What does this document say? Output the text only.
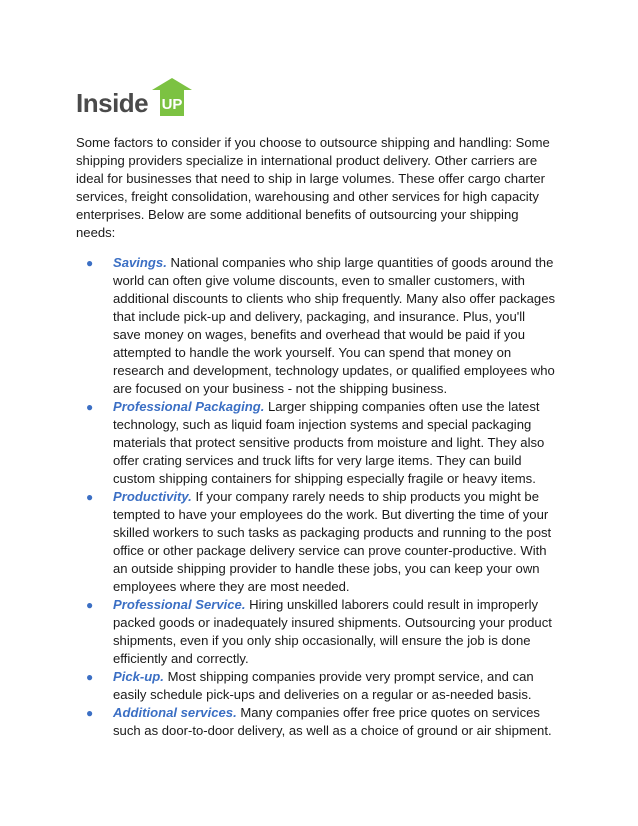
Inside UP

Some factors to consider if you choose to outsource shipping and handling: Some shipping providers specialize in international product delivery. Other carriers are ideal for businesses that need to ship in large volumes. These offer cargo charter services, freight consolidation, warehousing and other services for high capacity enterprises. Below are some additional benefits of outsourcing your shipping needs:

● Savings. National companies who ship large quantities of goods around the world can often give volume discounts, even to smaller customers, with additional discounts to clients who ship frequently. Many also offer packages that include pick-up and delivery, packaging, and insurance. Plus, you'll save money on wages, benefits and overhead that would be paid if you attempted to handle the work yourself. You can spend that money on research and development, technology updates, or qualified employees who are focused on your business - not the shipping business.
● Professional Packaging. Larger shipping companies often use the latest technology, such as liquid foam injection systems and special packaging materials that protect sensitive products from moisture and light. They also offer crating services and truck lifts for very large items. They can build custom shipping containers for shipping especially fragile or heavy items.
● Productivity. If your company rarely needs to ship products you might be tempted to have your employees do the work. But diverting the time of your skilled workers to such tasks as packaging products and running to the post office or other package delivery service can prove counter-productive. With an outside shipping provider to handle these jobs, you can keep your own employees where they are most needed.
● Professional Service. Hiring unskilled laborers could result in improperly packed goods or inadequately insured shipments. Outsourcing your product shipments, even if you only ship occasionally, will ensure the job is done efficiently and correctly.
● Pick-up. Most shipping companies provide very prompt service, and can easily schedule pick-ups and deliveries on a regular or as-needed basis.
● Additional services. Many companies offer free price quotes on services such as door-to-door delivery, as well as a choice of ground or air shipment.
